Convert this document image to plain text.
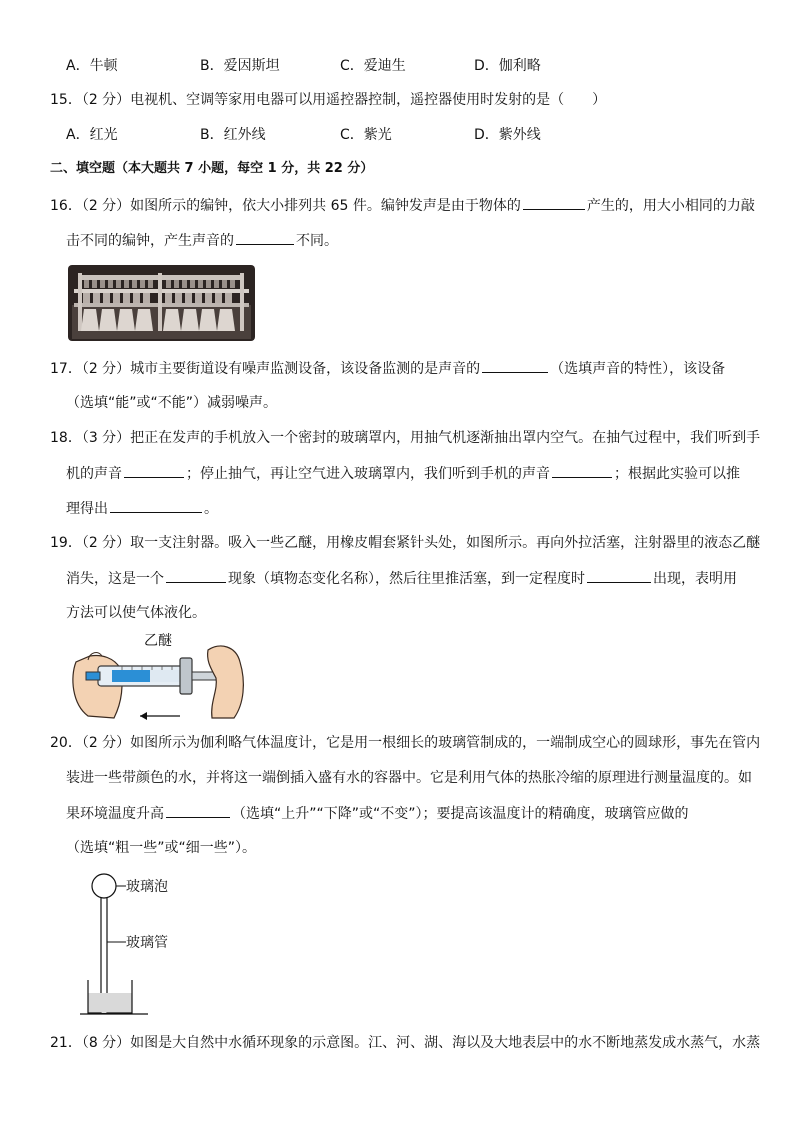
A．牛顿	B．爱因斯坦	C．爱迪生	D．伽利略
15．（2 分）电视机、空调等家用电器可以用遥控器控制，遥控器使用时发射的是（　　）
A．红光	B．红外线	C．紫光	D．紫外线
二、填空题（本大题共 7 小题，每空 1 分，共 22 分）
16．（2 分）如图所示的编钟，依大小排列共 65 件。编钟发声是由于物体的	产生的，用大小相同的力敲
击不同的编钟，产生声音的	不同。
17．（2 分）城市主要街道设有噪声监测设备，该设备监测的是声音的	（选填声音的特性），该设备
（选填“能”或“不能”）减弱噪声。
18．（3 分）把正在发声的手机放入一个密封的玻璃罩内，用抽气机逐渐抽出罩内空气。在抽气过程中，我们听到手
机的声音	；停止抽气，再让空气进入玻璃罩内，我们听到手机的声音	；根据此实验可以推
理得出	。
19．（2 分）取一支注射器。吸入一些乙醚，用橡皮帽套紧针头处，如图所示。再向外拉活塞，注射器里的液态乙醚
消失，这是一个	现象（填物态变化名称），然后往里推活塞，到一定程度时	出现，表明用
方法可以使气体液化。
乙醚
20．（2 分）如图所示为伽利略气体温度计，它是用一根细长的玻璃管制成的，一端制成空心的圆球形，事先在管内
装进一些带颜色的水，并将这一端倒插入盛有水的容器中。它是利用气体的热胀冷缩的原理进行测量温度的。如
果环境温度升高	（选填“上升”“下降”或“不变”）；要提高该温度计的精确度，玻璃管应做的
（选填“粗一些”或“细一些”）。
玻璃泡
玻璃管
21．（8 分）如图是大自然中水循环现象的示意图。江、河、湖、海以及大地表层中的水不断地蒸发成水蒸气，水蒸
